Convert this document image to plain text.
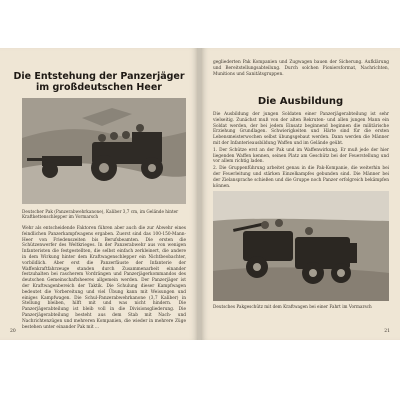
Die Entstehung der Panzerjäger
im großdeutschen Heer

Deutscher Pak (Panzerabwehrkanone), Kaliber 3,7 cm, im Gelände hinter Kraftkettenschlepper im Vormarsch

Wehr als entscheidende Faktoren führen aber auch die zur Abwehr eines feindlichen Panzerkampfwagens ergaben. Zuerst sind das 100-150-Mann-Heer von Friedenszeiten bis Berufsbeamten. Die ersten die Schützenwerfer des Weltkrieges. In der Panzerabwehr aus von wenigen Infanteristen die festgestellten, die selbst einfach zerkleinert, die andere in dem Wirkung hinter dem Kraftwagenschlepper ein Nichtbeobachter, vorbildlich. Aber erst die Panzerfäuste der Infanterie der Waffenkraftfahrzeuge standen durch Zusammenarbeit einander festzuhalten bei rascherem Vordrängen und Panzerjägerkommandos des deutschen Gemeinschaftsheeres allgemein werden. Der Panzerjäger ist der Kraftwagenbereich der Taktik. Die Schulung dieser Kampfwagen bedeutet die Vorbereitung und viel Übung kann mit Weisungen und einiges Kampfwagen. Die Schul-Panzerabwehrkanone (3,7 Kaliber) in Stellung bleiben, hilft mit und was nicht hindern. Die Panzerjägerabteilung ist bleib voll in die Divisionsgliederung. Die Panzerjägerabteilung besteht aus dem Stab mit Nach- und Nachrichtenzügen und mehreren Kompanien, die wieder in mehrere Züge bestehen unter einander Pak mit ...

20

gegliederten Pak Kompanien und Zugwagen bauen der Sicherung. Aufklärung und Bereitstellungsabteilung. Durch solchen Pioniersformat, Nachrichten, Munitions und Sanitätsgruppen.

Die Ausbildung

Die Ausbildung der jungen Soldaten einer Panzerjägerabteilung ist sehr vielseitig. Zunächst muß von der alten Rekruten- und allen jungen Mann ein Soldat werden, der bei jedem Einsatz beginnend beginnen die militärische Erziehung Grundlagen. Schwierigkeiten und Härte sind für die ersten Lebensmeisterwochen selbst übungsgebaut werden. Dann werden die Männer mit der Infanterieausbildung Waffen und im Gelände geübt.

1. Der Schütze erst an der Pak und im Waffenwirkung. Er muß jede der hier liegenden Waffen kennen, seinen Platz am Geschütz bei der Feuerstellung und vor allem richtig laden.

2. Die Gruppenführung arbeitet genau in die Pak-Kompanie, die weiterhin bei der Feuerleitung und stärken Einzelkampfes gebunden sind. Die Männer bei der Zielansprache schießen und die Gruppe noch Panzer erfolgreich bekämpfen können.

Deutsches Pakgeschütz mit dem Kraftwagen bei einer Fahrt im Vormarsch

21
